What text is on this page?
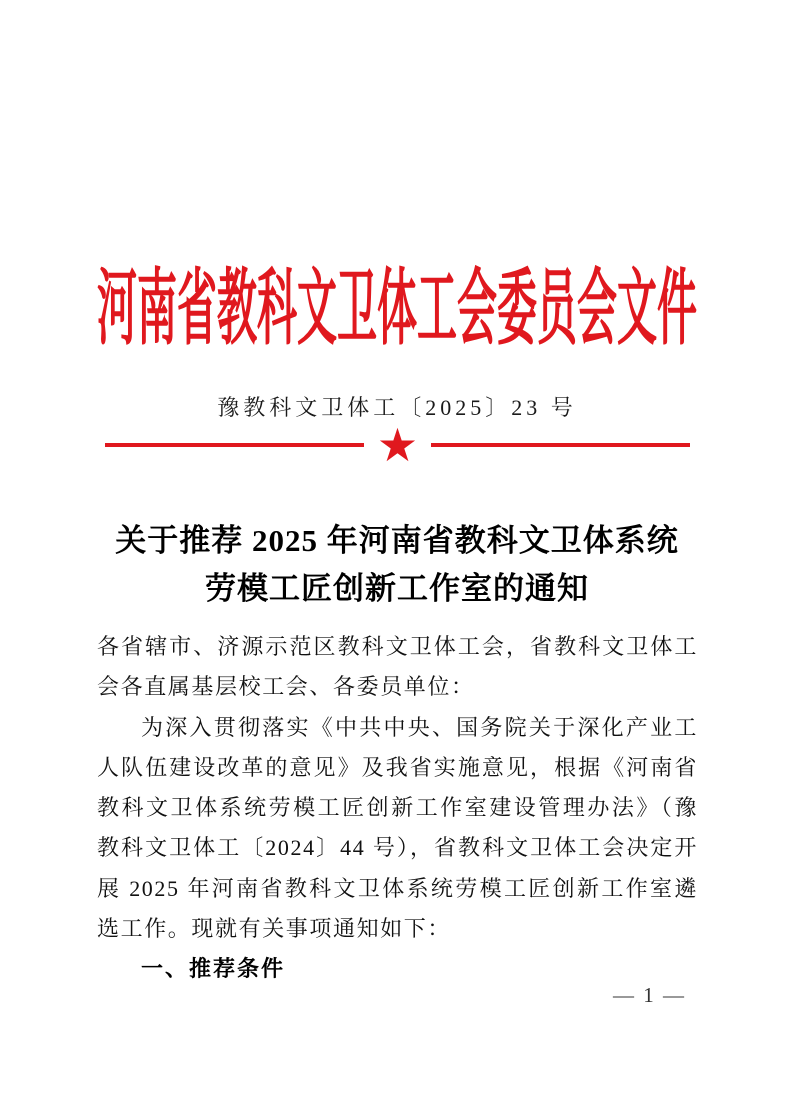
河南省教科文卫体工会委员会文件
豫教科文卫体工〔2025〕23 号
★
关于推荐 2025 年河南省教科文卫体系统
劳模工匠创新工作室的通知

各省辖市、济源示范区教科文卫体工会，省教科文卫体工会各直属基层校工会、各委员单位：

为深入贯彻落实《中共中央、国务院关于深化产业工人队伍建设改革的意见》及我省实施意见，根据《河南省教科文卫体系统劳模工匠创新工作室建设管理办法》（豫教科文卫体工〔2024〕44 号），省教科文卫体工会决定开展 2025 年河南省教科文卫体系统劳模工匠创新工作室遴选工作。现就有关事项通知如下：

一、推荐条件

— 1 —
